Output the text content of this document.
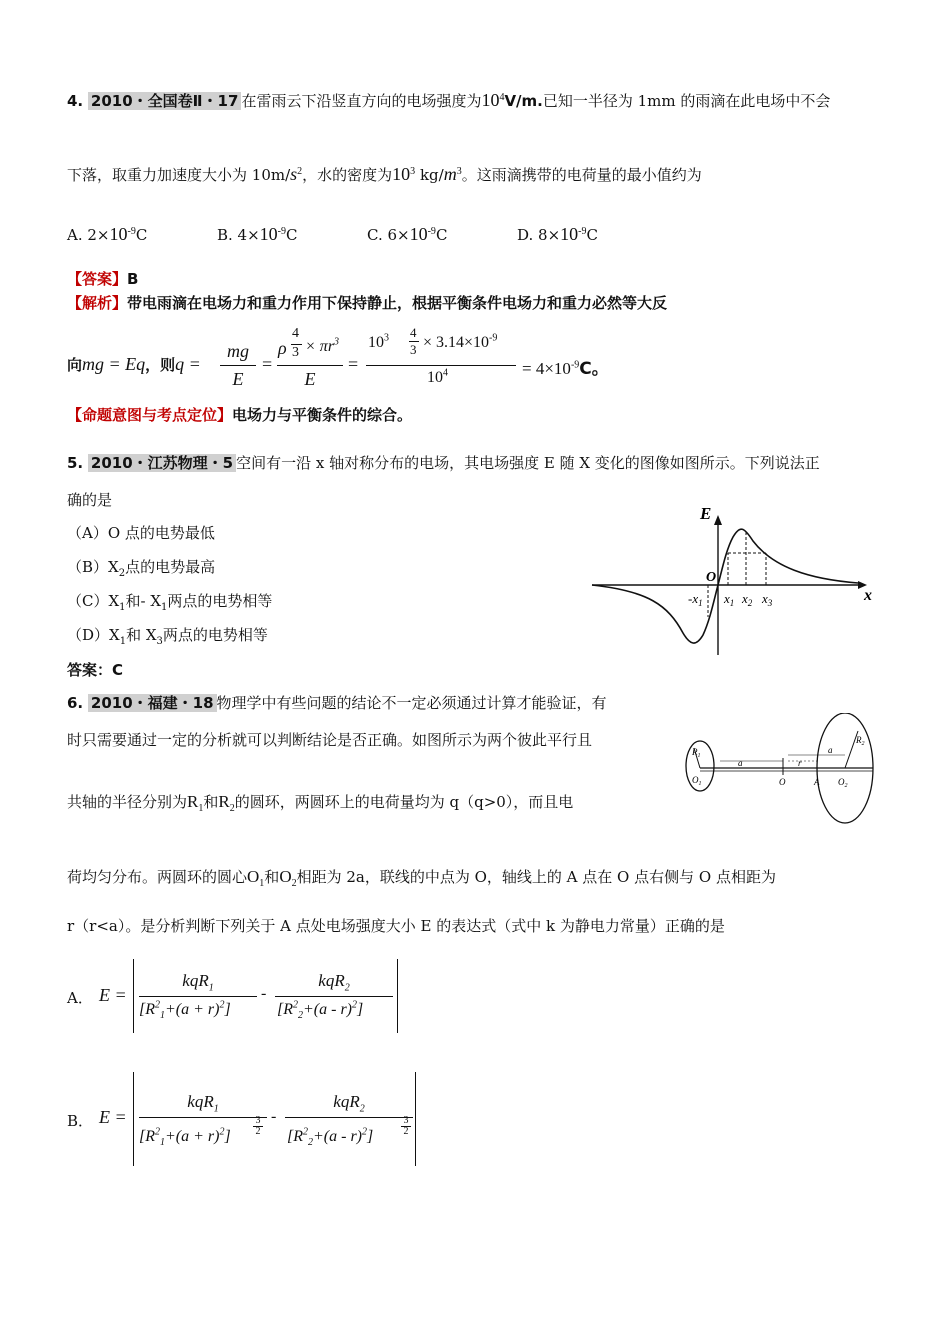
4. 2010・全国卷Ⅱ・17 在雷雨云下沿竖直方向的电场强度为$10^4V/m$.已知一半径为 1mm 的雨滴在此电场中不会
下落，取重力加速度大小为 $10m/s^2$，水的密度为$10^3$ $kg/m^3$。这雨滴携带的电荷量的最小值约为
A. $2\times 10^{-9}C$	B. $4\times 10^{-9}C$	C. $6\times 10^{-9}C$	D. $8\times 10^{-9}C$
【答案】B
【解析】带电雨滴在电场力和重力作用下保持静止，根据平衡条件电场力和重力必然等大反
向mg = Eq，则q =
mg
E
=
ρ
4
$3 \times \pi r^3$
E
=
$10^3$ 4
$3 \times 3.14\times 10^{-9}$
$10^4$	= $4\times 10^{-9}C$。
【命题意图与考点定位】电场力与平衡条件的综合。
5. 2010・江苏物理・5 空间有一沿 x 轴对称分布的电场，其电场强度 E 随 X 变化的图像如图所示。下列说法正
确的是
（A）O 点的电势最低
$(B)X_2$点的电势最高
$(C)X_1$和- $X_1$两点的电势相等
$(D)X_1$和 $X_3$两点的电势相等
答案：C
E
x
O
$-x_1$ $x_1$ $x_2$ $x_3$
6. 2010・福建・18 物理学中有些问题的结论不一定必须通过计算才能验证，有
时只需要通过一定的分析就可以判断结论是否正确。如图所示为两个彼此平行且
共轴的半径分别为$R_1$和$R_2$的圆环，两圆环上的电荷量均为 q（q>0），而且电
荷均匀分布。两圆环的圆心$O_1$和$O_2$相距为 2a，联线的中点为 O，轴线上的 A 点在 O 点右侧与 O 点相距为
r（r<a）。是分析判断下列关于 A 点处电场强度大小 E 的表达式（式中 k 为静电力常量）正确的是
$R_1$
$R_2$
$O_1$	$O_2$
a
a
r
O	A
A． E =
kqR$_1$
$[R^2_1+(a + r)^2]$
-
kqR$_2$
$[R^2_2+(a - r)^2]$
B． E =
kqR$_1$
$[R^2_1+(a + r)^2] \frac{3}{2}$ -
kqR$_2$
$[R^2_2+(a - r)^2]$	$\frac{3}{2}$
